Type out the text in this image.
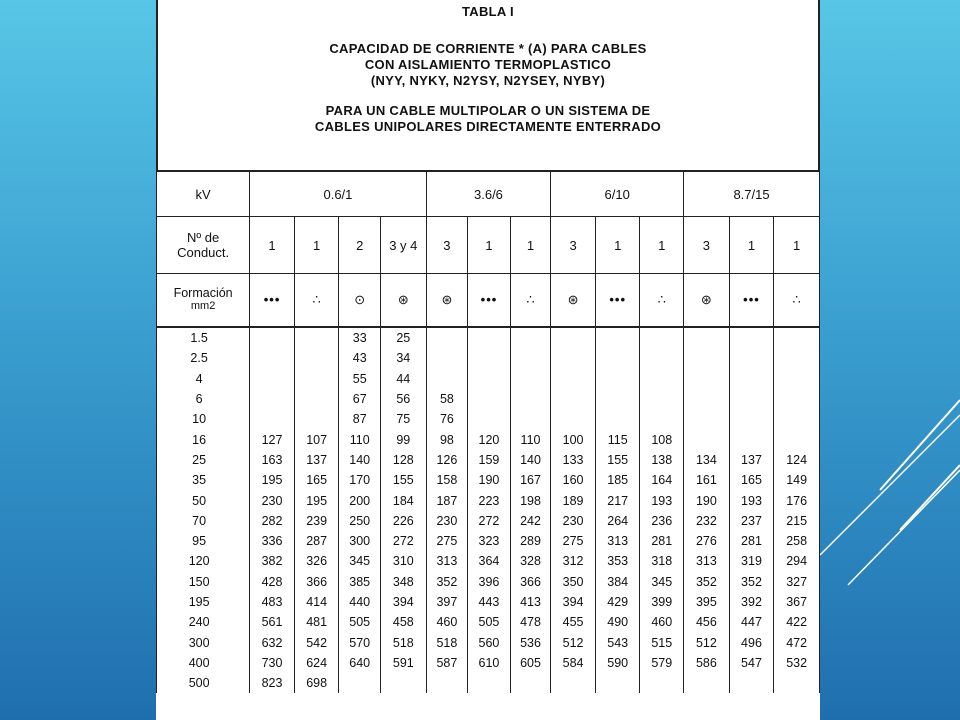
TABLA I
CAPACIDAD DE CORRIENTE * (A) PARA CABLES
CON AISLAMIENTO TERMOPLASTICO
(NYY, NYKY, N2YSY, N2YSEY, NYBY)
PARA UN CABLE MULTIPOLAR O UN SISTEMA DE
CABLES UNIPOLARES DIRECTAMENTE ENTERRADO
kV	0.6/1				3.6/6			6/10			8.7/15		

Nº de
Conduct.	1	1	2	3 y 4	3	1	1	3	1	1	3	1	1

Formación
mm2	•••	∴	⊙	⊛	⊛	•••	∴	⊛	•••	∴	⊛	•••	∴
1.5			33	25									
2.5			43	34									
4			55	44									
6			67	56	58								
10			87	75	76								
16	127	107	110	99	98	120	110	100	115	108			
25	163	137	140	128	126	159	140	133	155	138	134	137	124
35	195	165	170	155	158	190	167	160	185	164	161	165	149
50	230	195	200	184	187	223	198	189	217	193	190	193	176
70	282	239	250	226	230	272	242	230	264	236	232	237	215
95	336	287	300	272	275	323	289	275	313	281	276	281	258
120	382	326	345	310	313	364	328	312	353	318	313	319	294
150	428	366	385	348	352	396	366	350	384	345	352	352	327
195	483	414	440	394	397	443	413	394	429	399	395	392	367
240	561	481	505	458	460	505	478	455	490	460	456	447	422
300	632	542	570	518	518	560	536	512	543	515	512	496	472
400	730	624	640	591	587	610	605	584	590	579	586	547	532
500	823	698											
